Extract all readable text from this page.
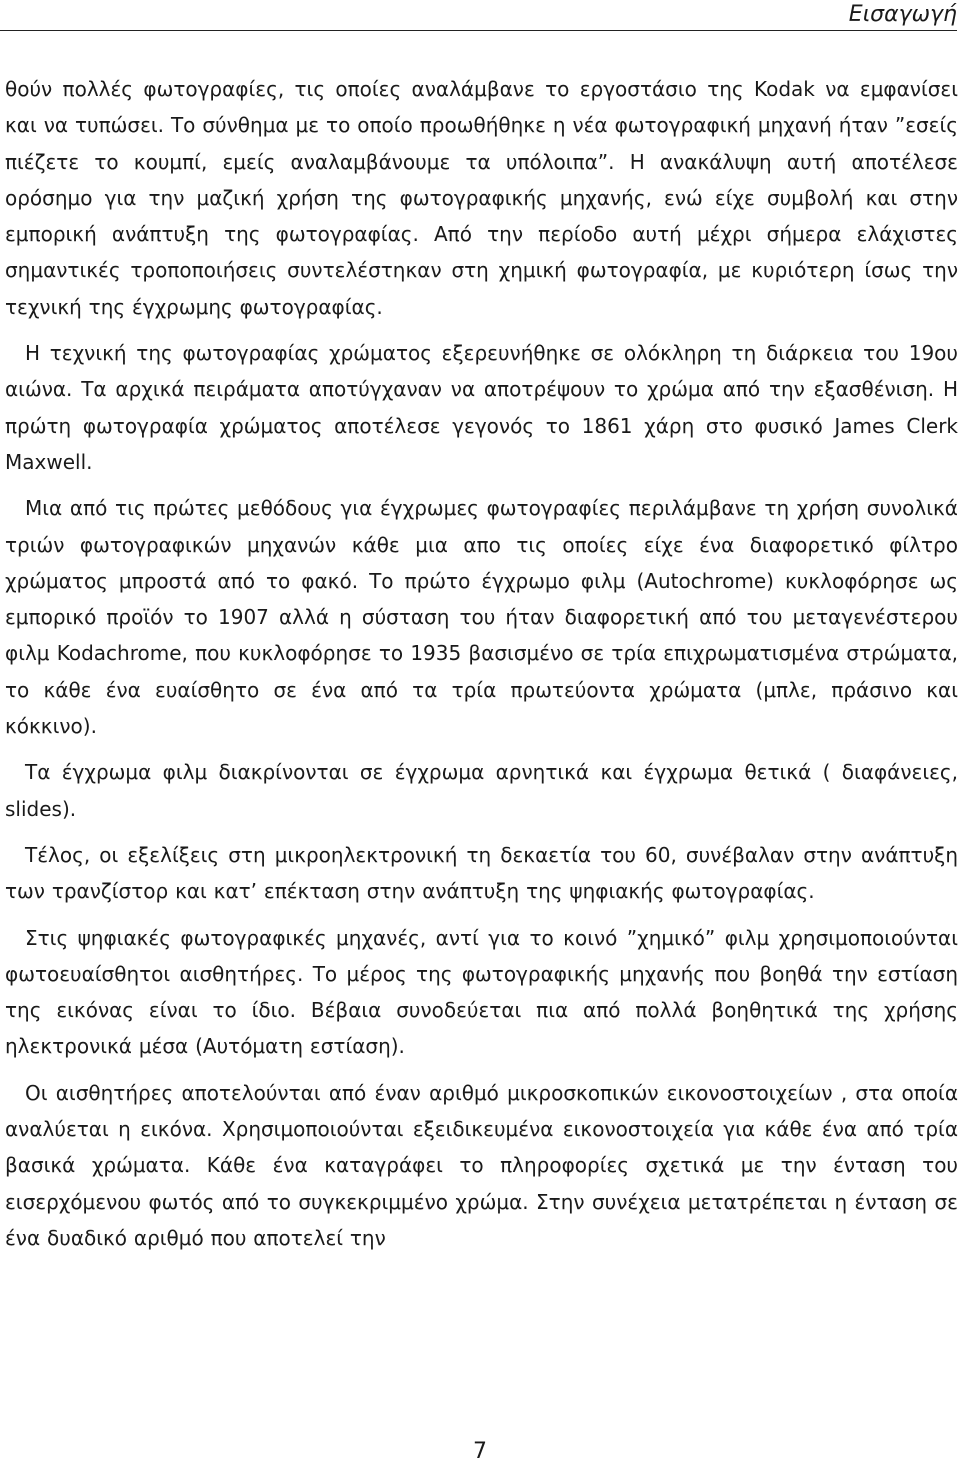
Εισαγωγή

θούν πολλές φωτογραφίες, τις οποίες αναλάμβανε το εργοστάσιο της Kodak να εμφανίσει και να τυπώσει. Το σύνθημα με το οποίο προωθήθηκε η νέα φωτογραφική μηχανή ήταν ”εσείς πιέζετε το κουμπί, εμείς αναλαμβάνουμε τα υπόλοιπα”. Η ανακάλυψη αυτή αποτέλεσε ορόσημο για την μαζική χρήση της φωτογραφικής μηχανής, ενώ είχε συμβολή και στην εμπορική ανάπτυξη της φωτογραφίας. Από την περίοδο αυτή μέχρι σήμερα ελάχιστες σημαντικές τροποποιήσεις συντελέστηκαν στη χημική φωτογραφία, με κυριότερη ίσως την τεχνική της έγχρωμης φωτογραφίας.

Η τεχνική της φωτογραφίας χρώματος εξερευνήθηκε σε ολόκληρη τη διάρκεια του 19ου αιώνα. Τα αρχικά πειράματα αποτύγχαναν να αποτρέψουν το χρώμα από την εξασθένιση. Η πρώτη φωτογραφία χρώματος αποτέλεσε γεγονός το 1861 χάρη στο φυσικό James Clerk Maxwell.

Μια από τις πρώτες μεθόδους για έγχρωμες φωτογραφίες περιλάμβανε τη χρήση συνολικά τριών φωτογραφικών μηχανών κάθε μια απο τις οποίες είχε ένα διαφορετικό φίλτρο χρώματος μπροστά από το φακό. Το πρώτο έγχρωμο φιλμ (Autochrome) κυκλοφόρησε ως εμπορικό προϊόν το 1907 αλλά η σύσταση του ήταν διαφορετική από του μεταγενέστερου φιλμ Kodachrome, που κυκλοφόρησε το 1935 βασισμένο σε τρία επιχρωματισμένα στρώματα, το κάθε ένα ευαίσθητο σε ένα από τα τρία πρωτεύοντα χρώματα (μπλε, πράσινο και κόκκινο).

Τα έγχρωμα φιλμ διακρίνονται σε έγχρωμα αρνητικά και έγχρωμα θετικά ( διαφάνειες, slides).

Τέλος, οι εξελίξεις στη μικροηλεκτρονική τη δεκαετία του 60, συνέβαλαν στην ανάπτυξη των τρανζίστορ και κατ’ επέκταση στην ανάπτυξη της ψηφιακής φωτογραφίας.

Στις ψηφιακές φωτογραφικές μηχανές, αντί για το κοινό ”χημικό” φιλμ χρησιμοποιούνται φωτοευαίσθητοι αισθητήρες. Το μέρος της φωτογραφικής μηχανής που βοηθά την εστίαση της εικόνας είναι το ίδιο. Βέβαια συνοδεύεται πια από πολλά βοηθητικά της χρήσης ηλεκτρονικά μέσα (Αυτόματη εστίαση).

Οι αισθητήρες αποτελούνται από έναν αριθμό μικροσκοπικών εικονοστοιχείων , στα οποία αναλύεται η εικόνα. Χρησιμοποιούνται εξειδικευμένα εικονοστοιχεία για κάθε ένα από τρία βασικά χρώματα. Κάθε ένα καταγράφει το πληροφορίες σχετικά με την ένταση του εισερχόμενου φωτός από το συγκεκριμμένο χρώμα. Στην συνέχεια μετατρέπεται η ένταση σε ένα δυαδικό αριθμό που αποτελεί την

7
